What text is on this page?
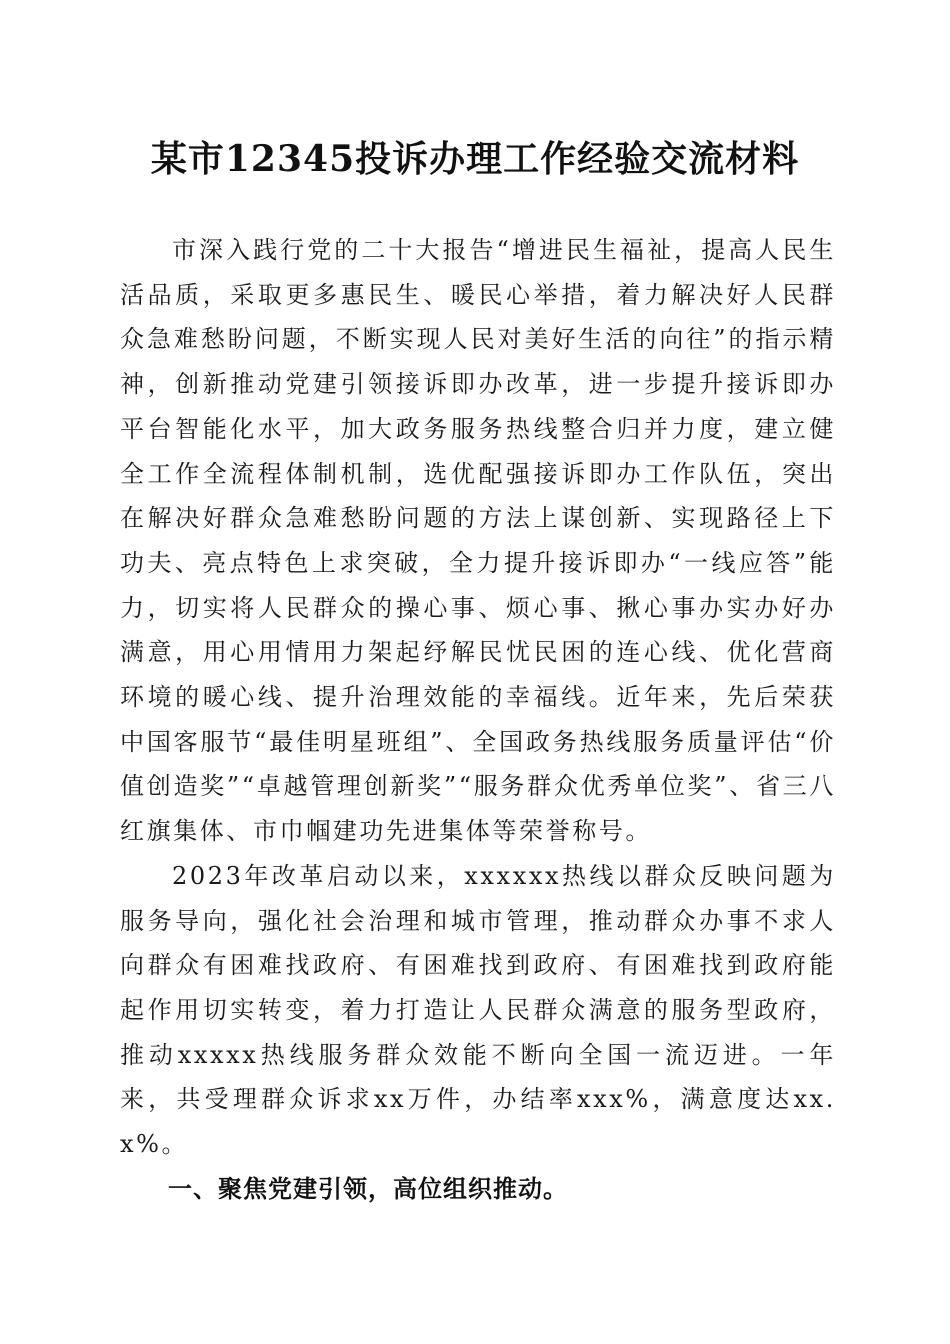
某市12345投诉办理工作经验交流材料

市深入践行党的二十大报告“增进民生福祉，提高人民生活品质，采取更多惠民生、暖民心举措，着力解决好人民群众急难愁盼问题，不断实现人民对美好生活的向往”的指示精神，创新推动党建引领接诉即办改革，进一步提升接诉即办平台智能化水平，加大政务服务热线整合归并力度，建立健全工作全流程体制机制，选优配强接诉即办工作队伍，突出在解决好群众急难愁盼问题的方法上谋创新、实现路径上下功夫、亮点特色上求突破，全力提升接诉即办“一线应答”能力，切实将人民群众的操心事、烦心事、揪心事办实办好办满意，用心用情用力架起纾解民忧民困的连心线、优化营商环境的暖心线、提升治理效能的幸福线。近年来，先后荣获中国客服节“最佳明星班组”、全国政务热线服务质量评估“价值创造奖”“卓越管理创新奖”“服务群众优秀单位奖”、省三八红旗集体、市巾帼建功先进集体等荣誉称号。

2023年改革启动以来，xxxxxx热线以群众反映问题为服务导向，强化社会治理和城市管理，推动群众办事不求人向群众有困难找政府、有困难找到政府、有困难找到政府能起作用切实转变，着力打造让人民群众满意的服务型政府，推动xxxxx热线服务群众效能不断向全国一流迈进。一年来，共受理群众诉求xx万件，办结率xxx%，满意度达xx.x%。

一、聚焦党建引领，高位组织推动。
